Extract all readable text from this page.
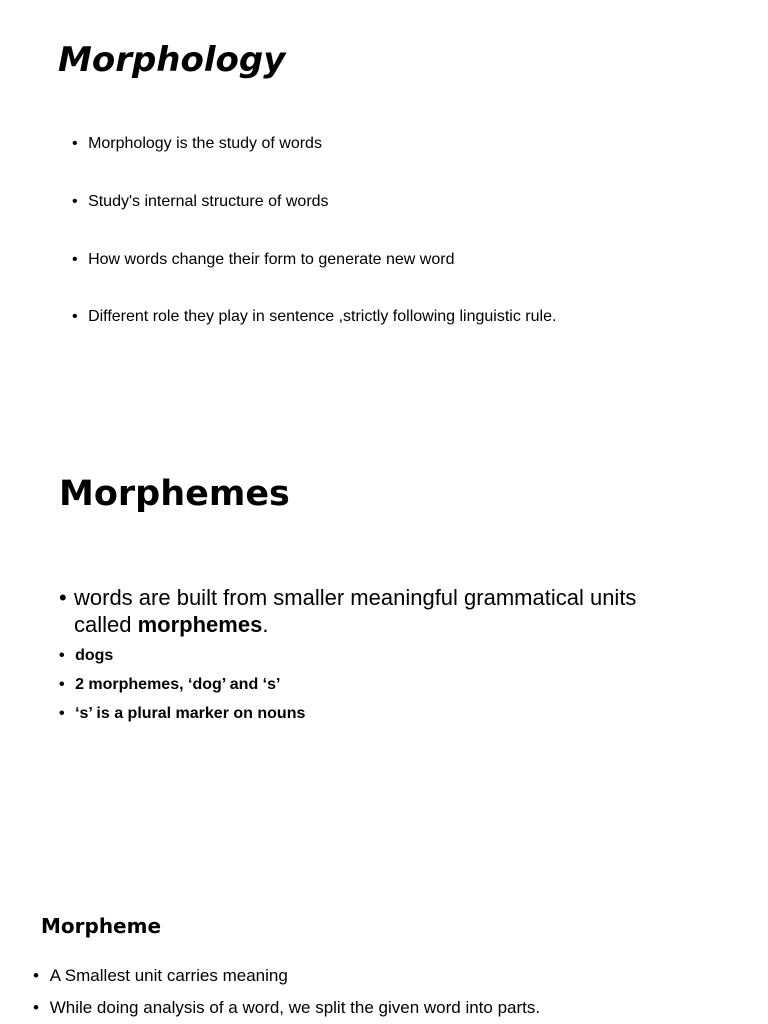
Morphology
• Morphology is the study of words
• Study's internal structure of words
• How words change their form to generate new word
• Different role they play in sentence ,strictly following linguistic rule.
Morphemes
• words are built from smaller meaningful grammatical units
called morphemes.
• dogs
• 2 morphemes, ‘dog’ and ‘s’
• ‘s’ is a plural marker on nouns
Morpheme
• A Smallest unit carries meaning
• While doing analysis of a word, we split the given word into parts.
